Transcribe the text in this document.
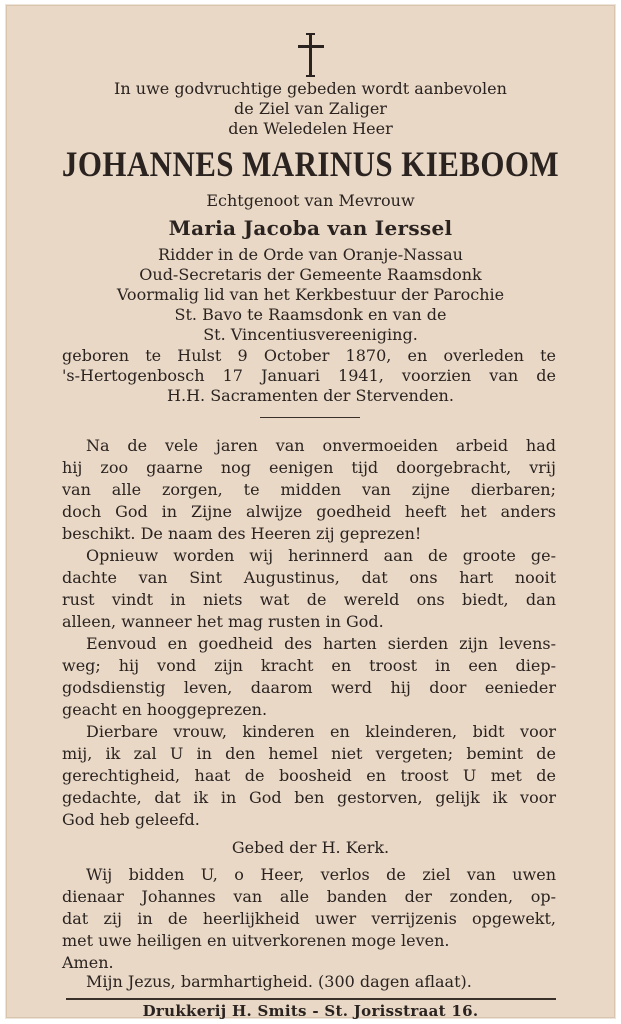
In uwe godvruchtige gebeden wordt aanbevolen
de Ziel van Zaliger
den Weledelen Heer
JOHANNES MARINUS KIEBOOM
Echtgenoot van Mevrouw
Maria Jacoba van Ierssel
Ridder in de Orde van Oranje-Nassau
Oud-Secretaris der Gemeente Raamsdonk
Voormalig lid van het Kerkbestuur der Parochie
St. Bavo te Raamsdonk en van de
St. Vincentiusvereeniging.
geboren te Hulst 9 October 1870, en overleden te
's-Hertogenbosch 17 Januari 1941, voorzien van de
H.H. Sacramenten der Stervenden.
Na de vele jaren van onvermoeiden arbeid had
hij zoo gaarne nog eenigen tijd doorgebracht, vrij
van alle zorgen, te midden van zijne dierbaren;
doch God in Zijne alwijze goedheid heeft het anders
beschikt. De naam des Heeren zij geprezen!
Opnieuw worden wij herinnerd aan de groote ge-
dachte van Sint Augustinus, dat ons hart nooit
rust vindt in niets wat de wereld ons biedt, dan
alleen, wanneer het mag rusten in God.
Eenvoud en goedheid des harten sierden zijn levens-
weg; hij vond zijn kracht en troost in een diep-
godsdienstig leven, daarom werd hij door eenieder
geacht en hooggeprezen.
Dierbare vrouw, kinderen en kleinderen, bidt voor
mij, ik zal U in den hemel niet vergeten; bemint de
gerechtigheid, haat de boosheid en troost U met de
gedachte, dat ik in God ben gestorven, gelijk ik voor
God heb geleefd.
Gebed der H. Kerk.
Wij bidden U, o Heer, verlos de ziel van uwen
dienaar Johannes van alle banden der zonden, op-
dat zij in de heerlijkheid uwer verrijzenis opgewekt,
met uwe heiligen en uitverkorenen moge leven.
Amen.
Mijn Jezus, barmhartigheid. (300 dagen aflaat).
Drukkerij H. Smits - St. Jorisstraat 16.
